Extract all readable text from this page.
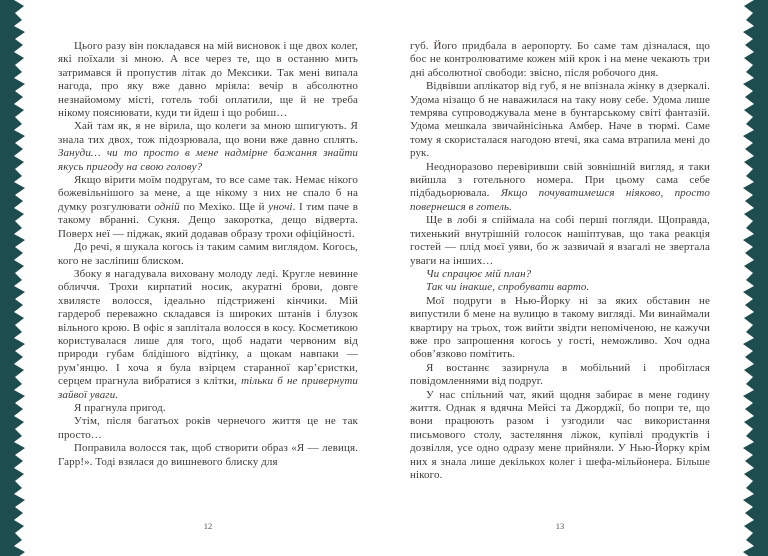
Цього разу він покладався на мій висновок і ще двох колег, які поїхали зі мною. А все через те, що в останню мить затримався й пропустив літак до Мексики. Так мені випала нагода, про яку вже давно мріяла: вечір в абсолютно незнайомому місті, готель тобі оплатили, ще й не треба нікому пояснювати, куди ти йдеш і що робиш…

Хай там як, я не вірила, що колеги за мною шпигують. Я знала тих двох, тож підозрювала, що вони вже давно сплять. Зануди… чи то просто в мене надмірне бажання знайти якусь пригоду на свою голову?

Якщо вірити моїм подругам, то все саме так. Немає нікого божевільнішого за мене, а ще нікому з них не спало б на думку розгулювати одній по Мехіко. Ще й уночі. І тим паче в такому вбранні. Сукня. Дещо закоротка, дещо відверта. Поверх неї — піджак, який додавав образу трохи офіційності.

До речі, я шукала когось із таким самим виглядом. Когось, кого не засліпиш блиском.

Збоку я нагадувала виховану молоду леді. Кругле невинне обличчя. Трохи кирпатий носик, акуратні брови, довге хвилясте волосся, ідеально підстрижені кінчики. Мій гардероб переважно складався із широких штанів і блузок вільного крою. В офіс я заплітала волосся в косу. Косметикою користувалася лише для того, щоб надати червоним від природи губам блідішого відтінку, а щокам навпаки — рум’янцю. І хоча я була взірцем старанної кар’єристки, серцем прагнула вибратися з клітки, тільки б не привернути зайвої уваги.

Я прагнула пригод.

Утім, після багатьох років чернечого життя це не так просто…

Поправила волосся так, щоб створити образ «Я — левиця. Гарр!». Тоді взялася до вишневого блиску для

12

губ. Його придбала в аеропорту. Бо саме там дізналася, що бос не контролюватиме кожен мій крок і на мене чекають три дні абсолютної свободи: звісно, після робочого дня.

Відвівши аплікатор від губ, я не впізнала жінку в дзеркалі. Удома нізащо б не наважилася на таку нову себе. Удома лише темрява супроводжувала мене в бунтарському світі фантазій. Удома мешкала звичайнісінька Амбер. Наче в тюрмі. Саме тому я скористалася нагодою втечі, яка сама втрапила мені до рук.

Неодноразово перевіривши свій зовнішній вигляд, я таки вийшла з готельного номера. При цьому сама себе підбадьорювала. Якщо почуватимешся ніяково, просто повернешся в готель.

Ще в лобі я спіймала на собі перші погляди. Щоправда, тихенький внутрішній голосок нашіптував, що така реакція гостей — плід моєї уяви, бо ж зазвичай я взагалі не звертала уваги на інших…

Чи спрацює мій план?

Так чи інакше, спробувати варто.

Мої подруги в Нью-Йорку ні за яких обставин не випустили б мене на вулицю в такому вигляді. Ми винаймали квартиру на трьох, тож вийти звідти непоміченою, не кажучи вже про запрошення когось у гості, неможливо. Хоч одна обов’язково помітить.

Я востаннє зазирнула в мобільний і пробіглася повідомленнями від подруг.

У нас спільний чат, який щодня забирає в мене годину життя. Однак я вдячна Мейсі та Джорджії, бо попри те, що вони працюють разом і узгодили час використання письмового столу, застеляння ліжок, купівлі продуктів і дозвілля, усе одно одразу мене прийняли. У Нью-Йорку крім них я знала лише декількох колег і шефа-мільйонера. Більше нікого.

13
